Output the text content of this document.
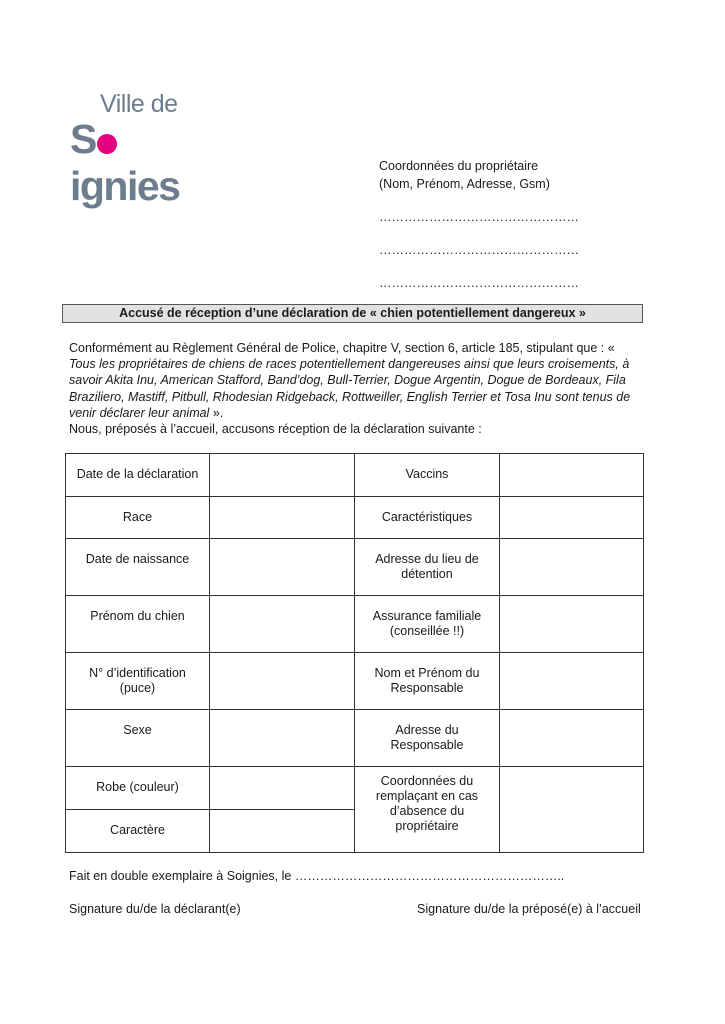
Ville de
Signies	Coordonnées du propriétaire
(Nom, Prénom, Adresse, Gsm)
…………………………………………
…………………………………………
…………………………………………
Accusé de réception d’une déclaration de « chien potentiellement dangereux »
Conformément au Règlement Général de Police, chapitre V, section 6, article 185, stipulant que : « Tous les propriétaires de chiens de races potentiellement dangereuses ainsi que leurs croisements, à savoir Akita Inu, American Stafford, Band’dog, Bull-Terrier, Dogue Argentin, Dogue de Bordeaux, Fila Braziliero, Mastiff, Pitbull, Rhodesian Ridgeback, Rottweiller, English Terrier et Tosa Inu sont tenus de venir déclarer leur animal ».
Nous, préposés à l’accueil, accusons réception de la déclaration suivante :
Date de la déclaration		Vaccins	
Race		Caractéristiques	
Date de naissance		Adresse du lieu de détention	
Prénom du chien		Assurance familiale (conseillée !!)	
N° d’identification (puce)		Nom et Prénom du Responsable	
Sexe		Adresse du Responsable	
Robe (couleur)		Coordonnées du remplaçant en cas d’absence du propriétaire	
Caractère			
Fait en double exemplaire à Soignies, le ………………………………………………………..
Signature du/de la déclarant(e)	Signature du/de la préposé(e) à l’accueil
